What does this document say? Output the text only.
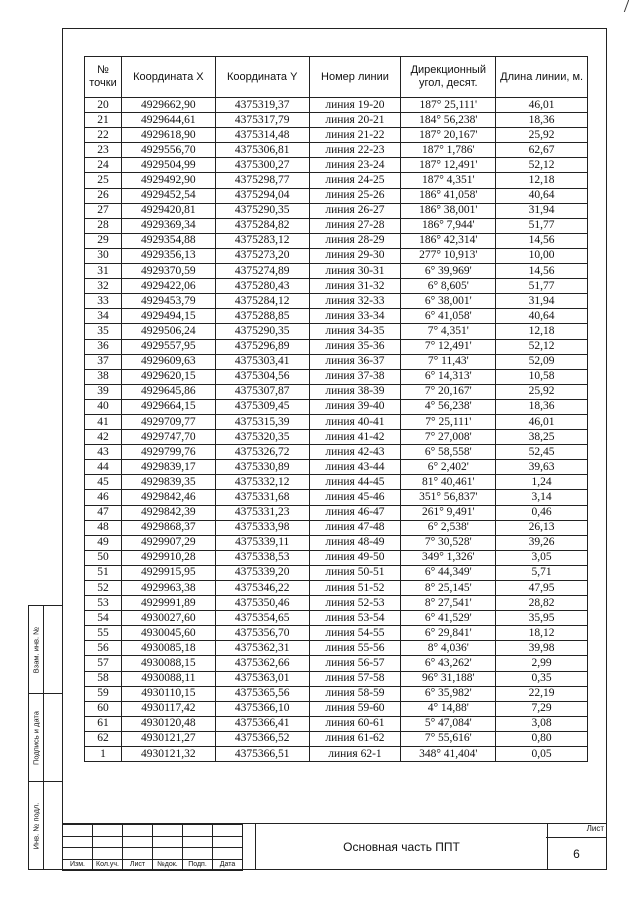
Взам. инв. №
Подпись и дата
Инв. № подл.
№ точки	Координата X	Координата Y	Номер линии	Дирекционный угол, десят.	Длина линии, м.
20	4929662,90	4375319,37	линия 19-20	187° 25,111'	46,01
21	4929644,61	4375317,79	линия 20-21	184° 56,238'	18,36
22	4929618,90	4375314,48	линия 21-22	187° 20,167'	25,92
23	4929556,70	4375306,81	линия 22-23	187° 1,786'	62,67
24	4929504,99	4375300,27	линия 23-24	187° 12,491'	52,12
25	4929492,90	4375298,77	линия 24-25	187° 4,351'	12,18
26	4929452,54	4375294,04	линия 25-26	186° 41,058'	40,64
27	4929420,81	4375290,35	линия 26-27	186° 38,001'	31,94
28	4929369,34	4375284,82	линия 27-28	186° 7,944'	51,77
29	4929354,88	4375283,12	линия 28-29	186° 42,314'	14,56
30	4929356,13	4375273,20	линия 29-30	277° 10,913'	10,00
31	4929370,59	4375274,89	линия 30-31	6° 39,969'	14,56
32	4929422,06	4375280,43	линия 31-32	6° 8,605'	51,77
33	4929453,79	4375284,12	линия 32-33	6° 38,001'	31,94
34	4929494,15	4375288,85	линия 33-34	6° 41,058'	40,64
35	4929506,24	4375290,35	линия 34-35	7° 4,351'	12,18
36	4929557,95	4375296,89	линия 35-36	7° 12,491'	52,12
37	4929609,63	4375303,41	линия 36-37	7° 11,43'	52,09
38	4929620,15	4375304,56	линия 37-38	6° 14,313'	10,58
39	4929645,86	4375307,87	линия 38-39	7° 20,167'	25,92
40	4929664,15	4375309,45	линия 39-40	4° 56,238'	18,36
41	4929709,77	4375315,39	линия 40-41	7° 25,111'	46,01
42	4929747,70	4375320,35	линия 41-42	7° 27,008'	38,25
43	4929799,76	4375326,72	линия 42-43	6° 58,558'	52,45
44	4929839,17	4375330,89	линия 43-44	6° 2,402'	39,63
45	4929839,35	4375332,12	линия 44-45	81° 40,461'	1,24
46	4929842,46	4375331,68	линия 45-46	351° 56,837'	3,14
47	4929842,39	4375331,23	линия 46-47	261° 9,491'	0,46
48	4929868,37	4375333,98	линия 47-48	6° 2,538'	26,13
49	4929907,29	4375339,11	линия 48-49	7° 30,528'	39,26
50	4929910,28	4375338,53	линия 49-50	349° 1,326'	3,05
51	4929915,95	4375339,20	линия 50-51	6° 44,349'	5,71
52	4929963,38	4375346,22	линия 51-52	8° 25,145'	47,95
53	4929991,89	4375350,46	линия 52-53	8° 27,541'	28,82
54	4930027,60	4375354,65	линия 53-54	6° 41,529'	35,95
55	4930045,60	4375356,70	линия 54-55	6° 29,841'	18,12
56	4930085,18	4375362,31	линия 55-56	8° 4,036'	39,98
57	4930088,15	4375362,66	линия 56-57	6° 43,262'	2,99
58	4930088,11	4375363,01	линия 57-58	96° 31,188'	0,35
59	4930110,15	4375365,56	линия 58-59	6° 35,982'	22,19
60	4930117,42	4375366,10	линия 59-60	4° 14,88'	7,29
61	4930120,48	4375366,41	линия 60-61	5° 47,084'	3,08
62	4930121,27	4375366,52	линия 61-62	7° 55,616'	0,80
1	4930121,32	4375366,51	линия 62-1	348° 41,404'	0,05

Изм.	Кол.уч.	Лист	№док.	Подп.	Дата
Основная часть ППТ
Лист
6
